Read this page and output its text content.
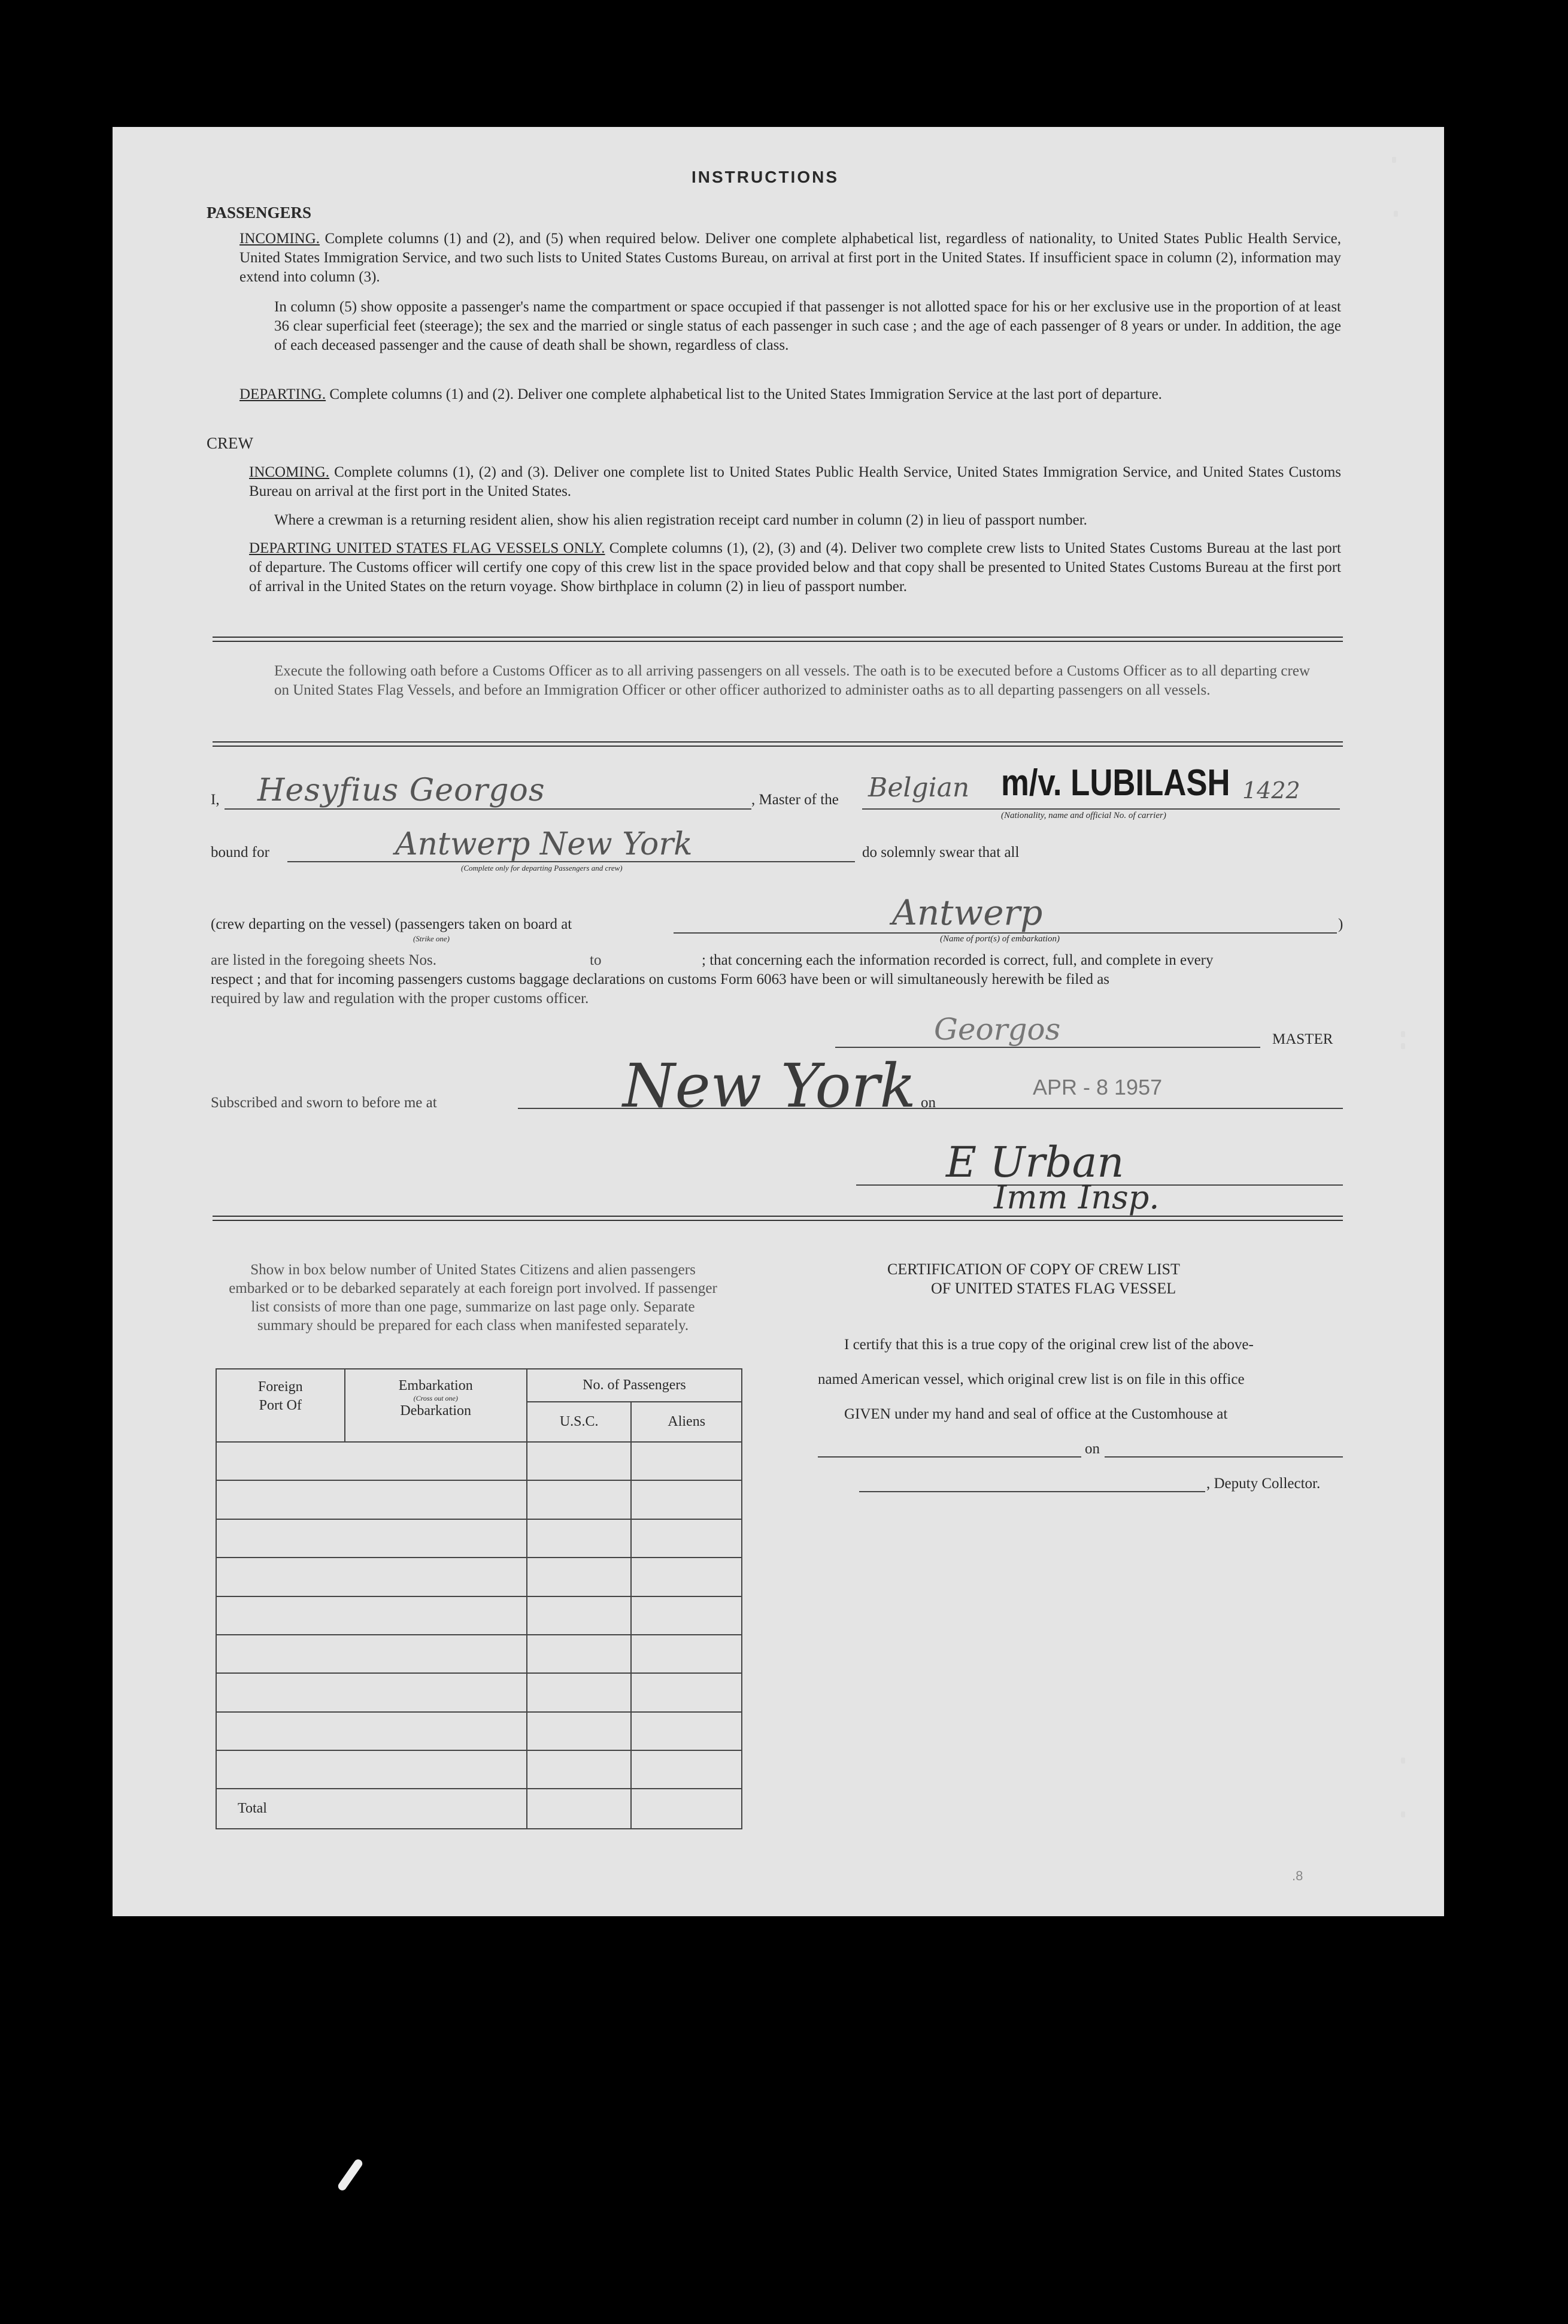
INSTRUCTIONS
PASSENGERS
INCOMING. Complete columns (1) and (2), and (5) when required below. Deliver one complete alphabetical list, regardless of nationality, to United States Public Health Service, United States Immigration Service, and two such lists to United States Customs Bureau, on arrival at first port in the United States. If insufficient space in column (2), information may extend into column (3).
In column (5) show opposite a passenger's name the compartment or space occupied if that passenger is not allotted space for his or her exclusive use in the proportion of at least 36 clear superficial feet (steerage); the sex and the married or single status of each passenger in such case ; and the age of each passenger of 8 years or under. In addition, the age of each deceased passenger and the cause of death shall be shown, regardless of class.
DEPARTING. Complete columns (1) and (2). Deliver one complete alphabetical list to the United States Immigration Service at the last port of departure.
CREW
INCOMING. Complete columns (1), (2) and (3). Deliver one complete list to United States Public Health Service, United States Immigration Service, and United States Customs Bureau on arrival at the first port in the United States.
Where a crewman is a returning resident alien, show his alien registration receipt card number in column (2) in lieu of passport number.
DEPARTING UNITED STATES FLAG VESSELS ONLY. Complete columns (1), (2), (3) and (4). Deliver two complete crew lists to United States Customs Bureau at the last port of departure. The Customs officer will certify one copy of this crew list in the space provided below and that copy shall be presented to United States Customs Bureau at the first port of arrival in the United States on the return voyage. Show birthplace in column (2) in lieu of passport number.
Execute the following oath before a Customs Officer as to all arriving passengers on all vessels. The oath is to be executed before a Customs Officer as to all departing crew on United States Flag Vessels, and before an Immigration Officer or other officer authorized to administer oaths as to all departing passengers on all vessels.
I, Hesyfius Georgos	, Master of the Belgian m/v. LUBILASH 1422
(Nationality, name and official No. of carrier)
bound for	Antwerp New York
(Complete only for departing Passengers and crew)
do solemnly swear that all
(crew departing on the vessel) (passengers taken on board at
(Strike one)
Antwerp
(Name of port(s) of embarkation)
)
are listed in the foregoing sheets Nos.	to	; that concerning each the information recorded is correct, full, and complete in every
respect ; and that for incoming passengers customs baggage declarations on customs Form 6063 have been or will simultaneously herewith be filed as
required by law and regulation with the proper customs officer.
Georgos	MASTER
Subscribed and sworn to before me at	New York on
APR - 8 1957
E Urban
Imm Insp.
Show in box below number of United States Citizens and alien passengers embarked or to be debarked separately at each foreign port involved. If passenger list consists of more than one page, summarize on last page only. Separate summary should be prepared for each class when manifested separately.
Foreign Port Of	Embarkation
(Cross out one)
Debarkation	No. of Passengers	
		U.S.C.	Aliens

Total			
CERTIFICATION OF COPY OF CREW LIST
OF UNITED STATES FLAG VESSEL
I certify that this is a true copy of the original crew list of the above-
named American vessel, which original crew list is on file in this office
GIVEN under my hand and seal of office at the Customhouse at
on
, Deputy Collector.
.8
